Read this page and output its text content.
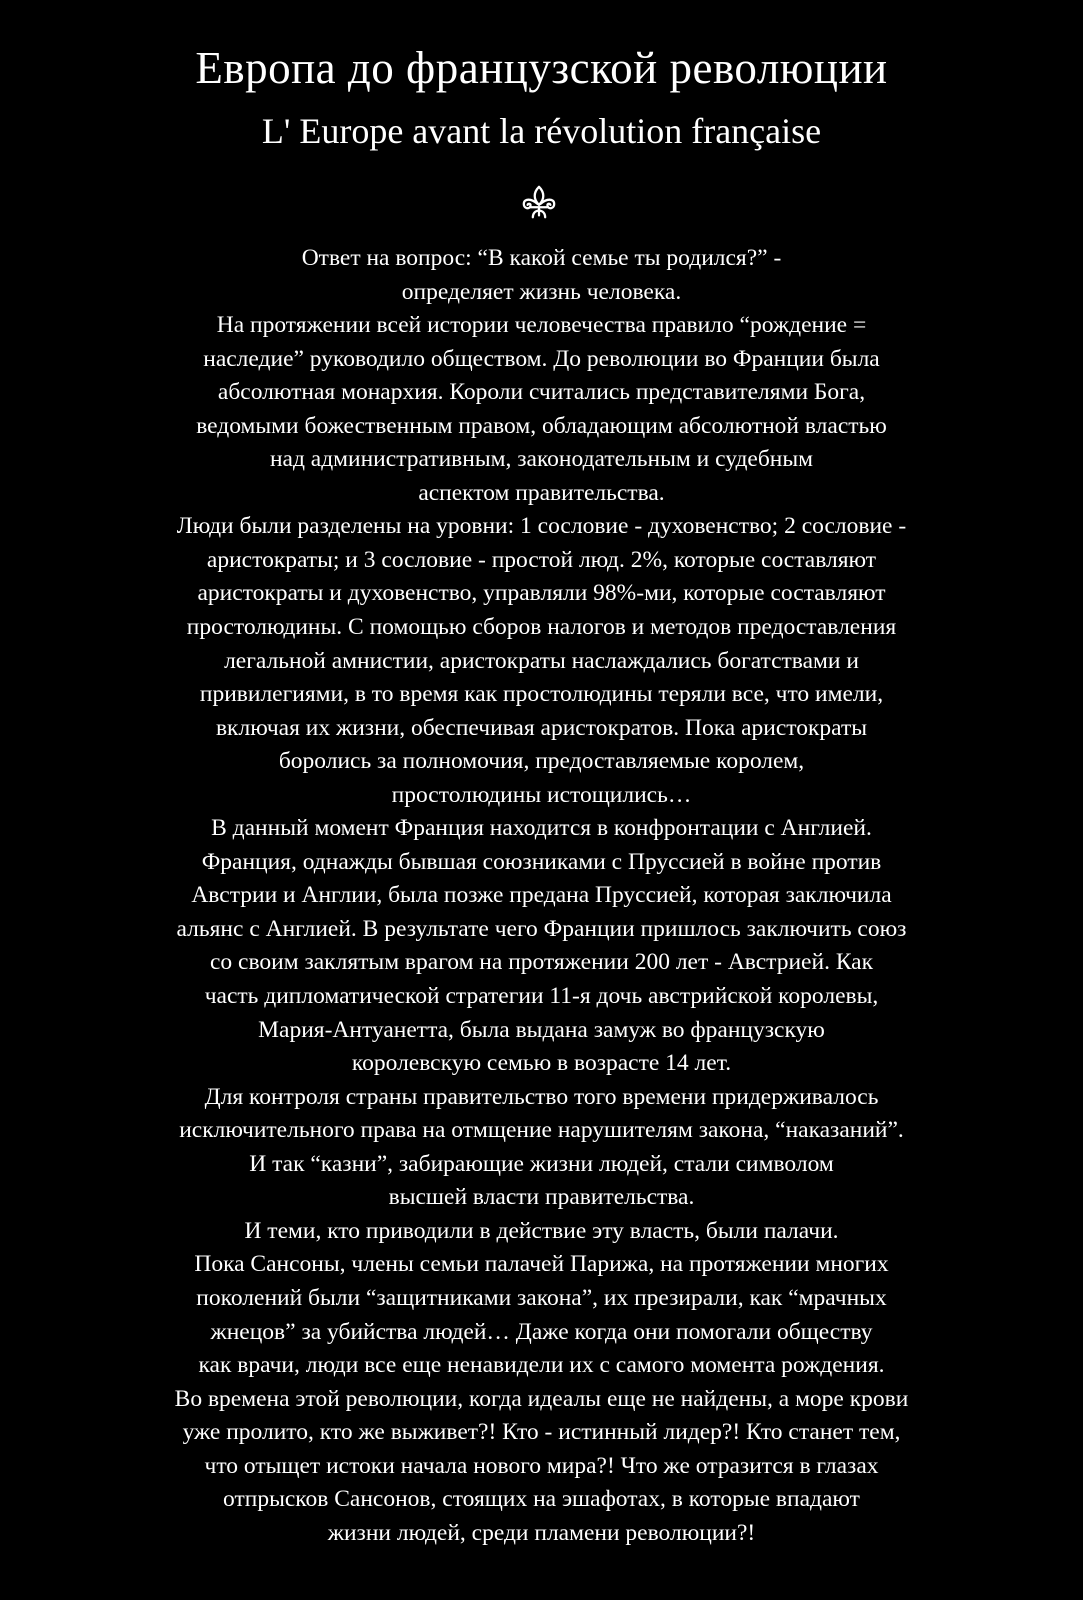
Европа до французской революции
L' Europe avant la révolution française
Ответ на вопрос: “В какой семье ты родился?” -
определяет жизнь человека.
На протяжении всей истории человечества правило “рождение =
наследие” руководило обществом. До революции во Франции была
абсолютная монархия. Короли считались представителями Бога,
ведомыми божественным правом, обладающим абсолютной властью
над административным, законодательным и судебным
аспектом правительства.
Люди были разделены на уровни: 1 сословие - духовенство; 2 сословие -
аристократы; и 3 сословие - простой люд. 2%, которые составляют
аристократы и духовенство, управляли 98%-ми, которые составляют
простолюдины. С помощью сборов налогов и методов предоставления
легальной амнистии, аристократы наслаждались богатствами и
привилегиями, в то время как простолюдины теряли все, что имели,
включая их жизни, обеспечивая аристократов. Пока аристократы
боролись за полномочия, предоставляемые королем,
простолюдины истощились…
В данный момент Франция находится в конфронтации с Англией.
Франция, однажды бывшая союзниками с Пруссией в войне против
Австрии и Англии, была позже предана Пруссией, которая заключила
альянс с Англией. В результате чего Франции пришлось заключить союз
со своим заклятым врагом на протяжении 200 лет - Австрией. Как
часть дипломатической стратегии 11-я дочь австрийской королевы,
Мария-Антуанетта, была выдана замуж во французскую
королевскую семью в возрасте 14 лет.
Для контроля страны правительство того времени придерживалось
исключительного права на отмщение нарушителям закона, “наказаний”.
И так “казни”, забирающие жизни людей, стали символом
высшей власти правительства.
И теми, кто приводили в действие эту власть, были палачи.
Пока Сансоны, члены семьи палачей Парижа, на протяжении многих
поколений были “защитниками закона”, их презирали, как “мрачных
жнецов” за убийства людей… Даже когда они помогали обществу
как врачи, люди все еще ненавидели их с самого момента рождения.
Во времена этой революции, когда идеалы еще не найдены, а море крови
уже пролито, кто же выживет?! Кто - истинный лидер?! Кто станет тем,
что отыщет истоки начала нового мира?! Что же отразится в глазах
отпрысков Сансонов, стоящих на эшафотах, в которые впадают
жизни людей, среди пламени революции?!
